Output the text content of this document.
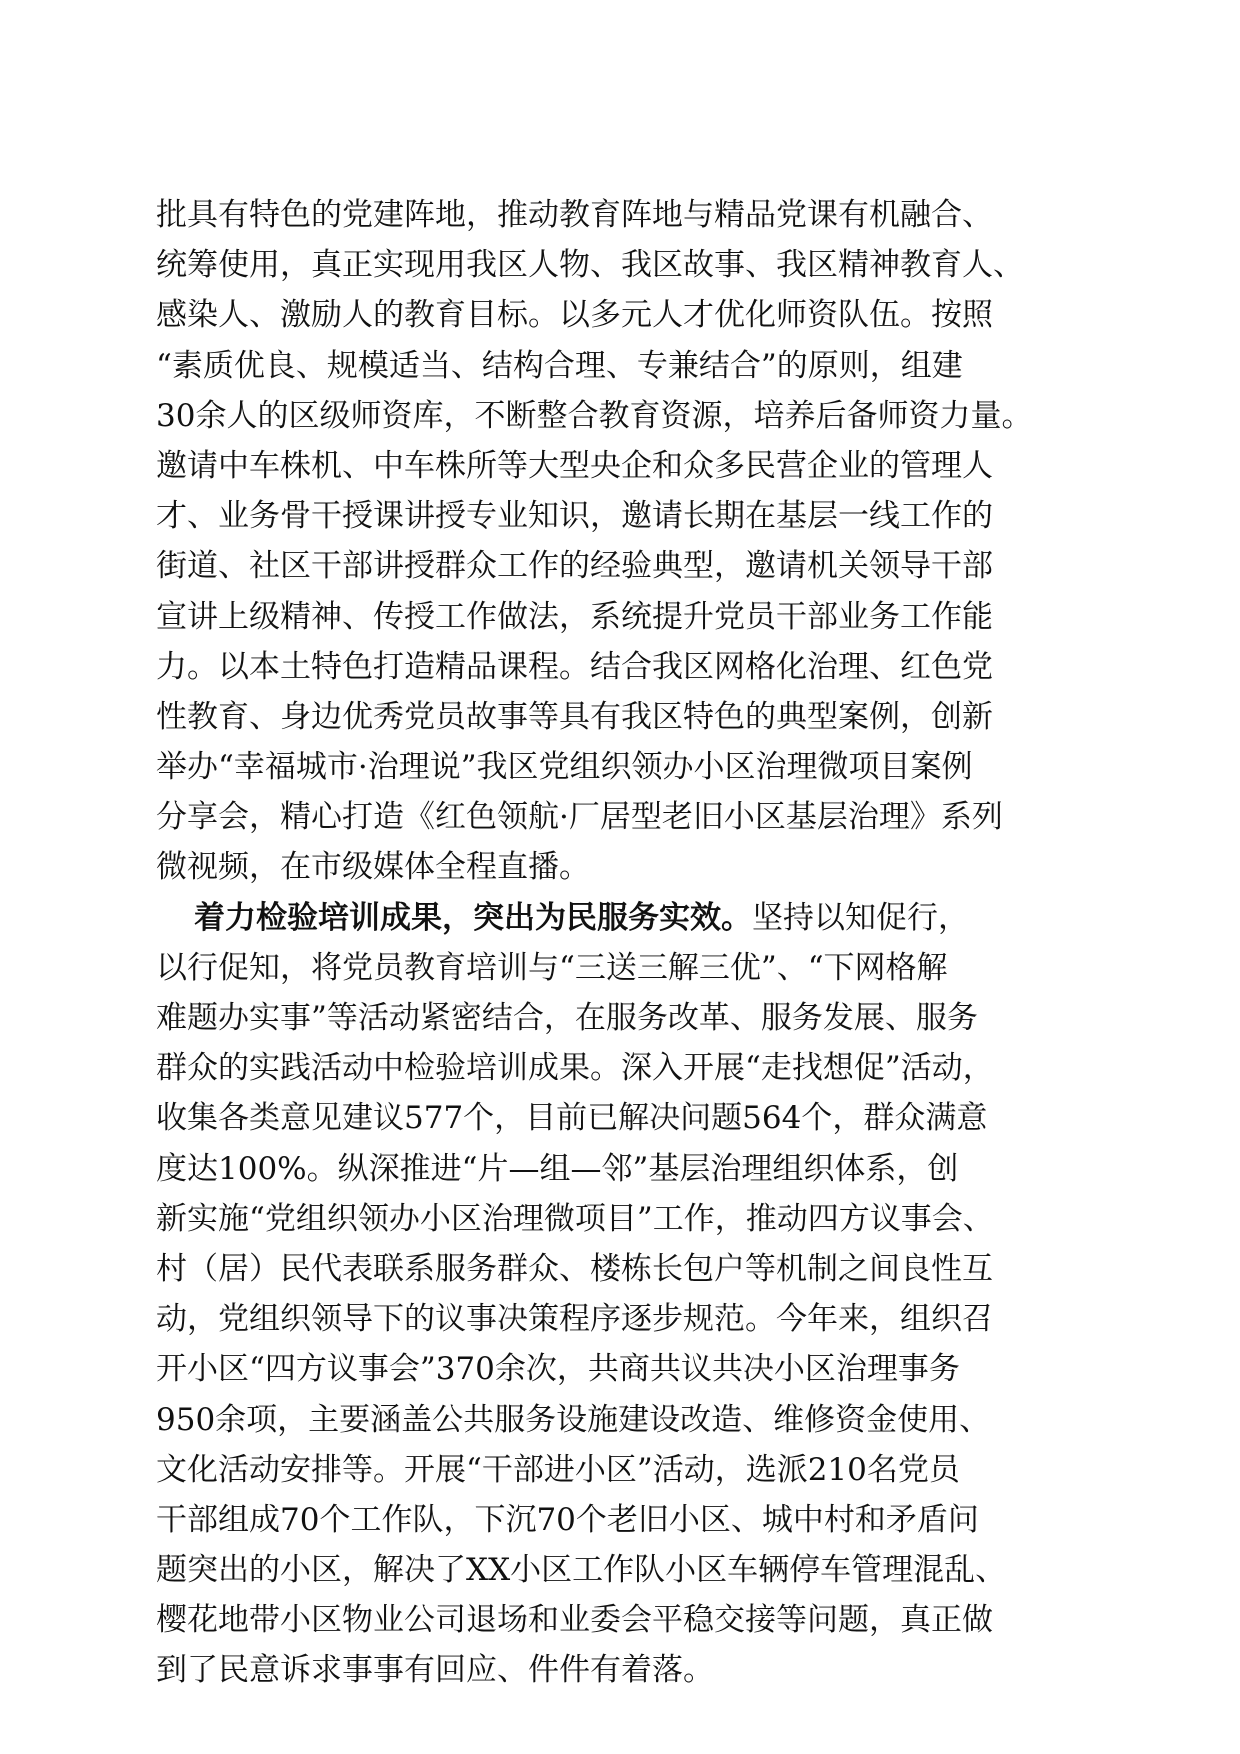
批具有特色的党建阵地，推动教育阵地与精品党课有机融合、
统筹使用，真正实现用我区人物、我区故事、我区精神教育人、
感染人、激励人的教育目标。以多元人才优化师资队伍。按照
“素质优良、规模适当、结构合理、专兼结合”的原则，组建
30余人的区级师资库，不断整合教育资源，培养后备师资力量。
邀请中车株机、中车株所等大型央企和众多民营企业的管理人
才、业务骨干授课讲授专业知识，邀请长期在基层一线工作的
街道、社区干部讲授群众工作的经验典型，邀请机关领导干部
宣讲上级精神、传授工作做法，系统提升党员干部业务工作能
力。以本土特色打造精品课程。结合我区网格化治理、红色党
性教育、身边优秀党员故事等具有我区特色的典型案例，创新
举办“幸福城市·治理说”我区党组织领办小区治理微项目案例
分享会，精心打造《红色领航·厂居型老旧小区基层治理》系列
微视频，在市级媒体全程直播。
着力检验培训成果，突出为民服务实效。坚持以知促行，
以行促知，将党员教育培训与“三送三解三优”、“下网格解
难题办实事”等活动紧密结合，在服务改革、服务发展、服务
群众的实践活动中检验培训成果。深入开展“走找想促”活动，
收集各类意见建议577个，目前已解决问题564个，群众满意
度达100%。纵深推进“片—组—邻”基层治理组织体系，创
新实施“党组织领办小区治理微项目”工作，推动四方议事会、
村（居）民代表联系服务群众、楼栋长包户等机制之间良性互
动，党组织领导下的议事决策程序逐步规范。今年来，组织召
开小区“四方议事会”370余次，共商共议共决小区治理事务
950余项，主要涵盖公共服务设施建设改造、维修资金使用、
文化活动安排等。开展“干部进小区”活动，选派210名党员
干部组成70个工作队，下沉70个老旧小区、城中村和矛盾问
题突出的小区，解决了XX小区工作队小区车辆停车管理混乱、
樱花地带小区物业公司退场和业委会平稳交接等问题，真正做
到了民意诉求事事有回应、件件有着落。
